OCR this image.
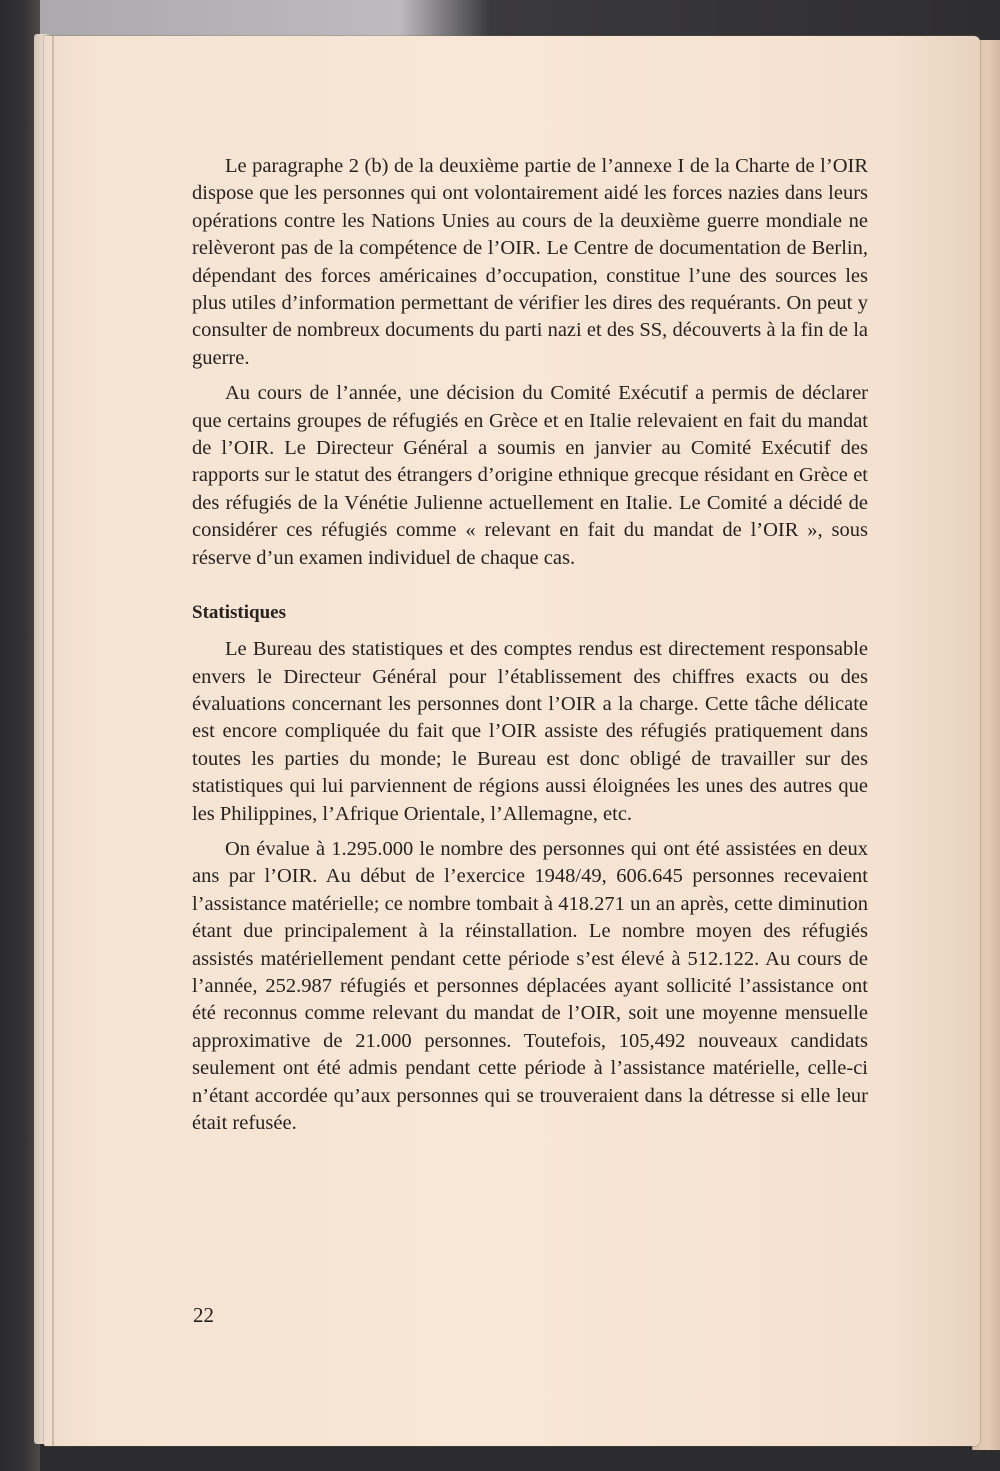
Le paragraphe 2 (b) de la deuxième partie de l’annexe I de la Charte de l’OIR dispose que les personnes qui ont volontairement aidé les forces nazies dans leurs opérations contre les Nations Unies au cours de la deuxième guerre mondiale ne relèveront pas de la compétence de l’OIR. Le Centre de documentation de Berlin, dépendant des forces américaines d’occupation, constitue l’une des sources les plus utiles d’information permettant de vérifier les dires des requérants. On peut y consulter de nombreux documents du parti nazi et des SS, découverts à la fin de la guerre.

Au cours de l’année, une décision du Comité Exécutif a permis de déclarer que certains groupes de réfugiés en Grèce et en Italie relevaient en fait du mandat de l’OIR. Le Directeur Général a soumis en janvier au Comité Exécutif des rapports sur le statut des étrangers d’origine ethnique grecque résidant en Grèce et des réfugiés de la Vénétie Julienne actuellement en Italie. Le Comité a décidé de considérer ces réfugiés comme « relevant en fait du mandat de l’OIR », sous réserve d’un examen individuel de chaque cas.

Statistiques

Le Bureau des statistiques et des comptes rendus est directement responsable envers le Directeur Général pour l’établissement des chiffres exacts ou des évaluations concernant les personnes dont l’OIR a la charge. Cette tâche délicate est encore compliquée du fait que l’OIR assiste des réfugiés pratiquement dans toutes les parties du monde; le Bureau est donc obligé de travailler sur des statistiques qui lui parviennent de régions aussi éloignées les unes des autres que les Philippines, l’Afrique Orientale, l’Allemagne, etc.

On évalue à 1.295.000 le nombre des personnes qui ont été assistées en deux ans par l’OIR. Au début de l’exercice 1948/49, 606.645 personnes recevaient l’assistance matérielle; ce nombre tombait à 418.271 un an après, cette diminution étant due principalement à la réinstallation. Le nombre moyen des réfugiés assistés matériellement pendant cette période s’est élevé à 512.122. Au cours de l’année, 252.987 réfugiés et personnes déplacées ayant sollicité l’assistance ont été reconnus comme relevant du mandat de l’OIR, soit une moyenne mensuelle approximative de 21.000 personnes. Toutefois, 105,492 nouveaux candidats seulement ont été admis pendant cette période à l’assistance matérielle, celle-ci n’étant accordée qu’aux personnes qui se trouveraient dans la détresse si elle leur était refusée.

22
